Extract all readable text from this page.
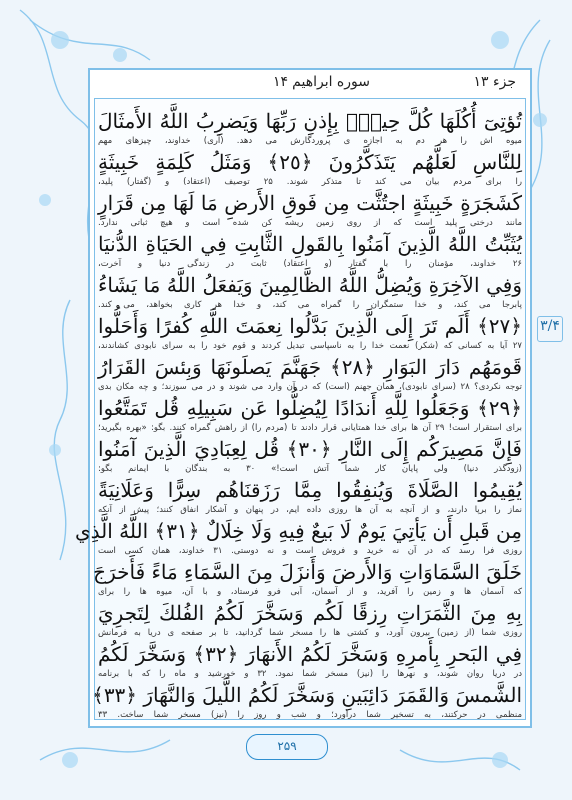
جزء ۱۳
سوره ابراهیم
۱۴
۳/۴
تُؤتِىٓ أُكُلَهَا كُلَّ حِينِۭ بِإِذنِ رَبِّهَا وَيَضرِبُ اللَّهُ الأَمثَالَ
میوه اش را هر دم به اجازه ی پروردگارش می دهد. (آری) خداوند، چیزهای مهم
لِلنَّاسِ لَعَلَّهُم يَتَذَكَّرُونَ ﴿٢٥﴾ وَمَثَلُ كَلِمَةٍ خَبِيثَةٍ
را برای مردم بیان می کند تا متذکر شوند. ۲۵ توصیف (اعتقاد) و (گفتار) پلید،
كَشَجَرَةٍ خَبِيثَةٍ اجتُثَّت مِن فَوقِ الأَرضِ مَا لَهَا مِن قَرَارٍ
مانند درختی پلید است که از روی زمین ریشه کن شده است و هیچ ثباتی ندارد.
يُثَبِّتُ اللَّهُ الَّذِينَ آمَنُوا بِالقَولِ الثَّابِتِ فِي الحَيَاةِ الدُّنيَا
۲۶ خداوند، مؤمنان را با گفتار (و اعتقاد) ثابت در زندگی دنیا و آخرت،
وَفِي الآخِرَةِ وَيُضِلُّ اللَّهُ الظَّالِمِينَ وَيَفعَلُ اللَّهُ مَا يَشَاءُ
پابرجا می کند، و خدا ستمگران را گمراه می کند، و خدا هر کاری بخواهد، می کند.
﴿٢٧﴾ أَلَم تَرَ إِلَى الَّذِينَ بَدَّلُوا نِعمَتَ اللَّهِ كُفرًا وَأَحَلُّوا
۲۷ آیا به کسانی که (شکر) نعمت خدا را به ناسپاسی تبدیل کردند و قوم خود را به سرای نابودی کشاندند،
قَومَهُم دَارَ البَوَارِ ﴿٢٨﴾ جَهَنَّمَ يَصلَونَهَا وَبِئسَ القَرَارُ
توجه نکردی؟ ۲۸ (سرای نابودی)، همان جهنم (است) که در آن وارد می شوند و در می سوزند؛ و چه مکان بدی
﴿٢٩﴾ وَجَعَلُوا لِلَّهِ أَندَادًا لِيُضِلُّوا عَن سَبِيلِهِ قُل تَمَتَّعُوا
برای استقرار است! ۲۹ آن ها برای خدا همتایانی قرار دادند تا (مردم را) از راهش گمراه کنند. بگو: «بهره بگیرید؛
فَإِنَّ مَصِيرَكُم إِلَى النَّارِ ﴿٣٠﴾ قُل لِعِبَادِيَ الَّذِينَ آمَنُوا
(زودگذر دنیا) ولی پایان کار شما آتش است!» ۳۰ به بندگان با ایمانم بگو:
يُقِيمُوا الصَّلَاةَ وَيُنفِقُوا مِمَّا رَزَقنَاهُم سِرًّا وَعَلَانِيَةً
نماز را برپا دارند، و از آنچه به آن ها روزی داده ایم، در پنهان و آشکار انفاق کنند؛ پیش از آنکه
مِن قَبلِ أَن يَأتِيَ يَومٌ لَا بَيعٌ فِيهِ وَلَا خِلَالٌ ﴿٣١﴾ اللَّهُ الَّذِي
روزی فرا رسد که در آن نه خرید و فروش است و نه دوستی. ۳۱ خداوند، همان کسی است
خَلَقَ السَّمَاوَاتِ وَالأَرضَ وَأَنزَلَ مِنَ السَّمَاءِ مَاءً فَأَخرَجَ
که آسمان ها و زمین را آفرید، و از آسمان، آبی فرو فرستاد، و با آن، میوه ها را برای
بِهِ مِنَ الثَّمَرَاتِ رِزقًا لَكُم وَسَخَّرَ لَكُمُ الفُلكَ لِتَجرِيَ
روزی شما (از زمین) بیرون آورد، و کشتی ها را مسخر شما گردانید، تا بر صفحه ی دریا به فرمانش
فِي البَحرِ بِأَمرِهِ وَسَخَّرَ لَكُمُ الأَنهَارَ ﴿٣٢﴾ وَسَخَّرَ لَكُمُ
در دریا روان شوند، و نهرها را (نیز) مسخر شما نمود. ۳۲ و خورشید و ماه را که با برنامه
الشَّمسَ وَالقَمَرَ دَائِبَينِ وَسَخَّرَ لَكُمُ اللَّيلَ وَالنَّهَارَ ﴿٣٣﴾
منظمی در حرکتند، به تسخیر شما درآورد؛ و شب و روز را (نیز) مسخر شما ساخت. ۳۳
۲۵۹
